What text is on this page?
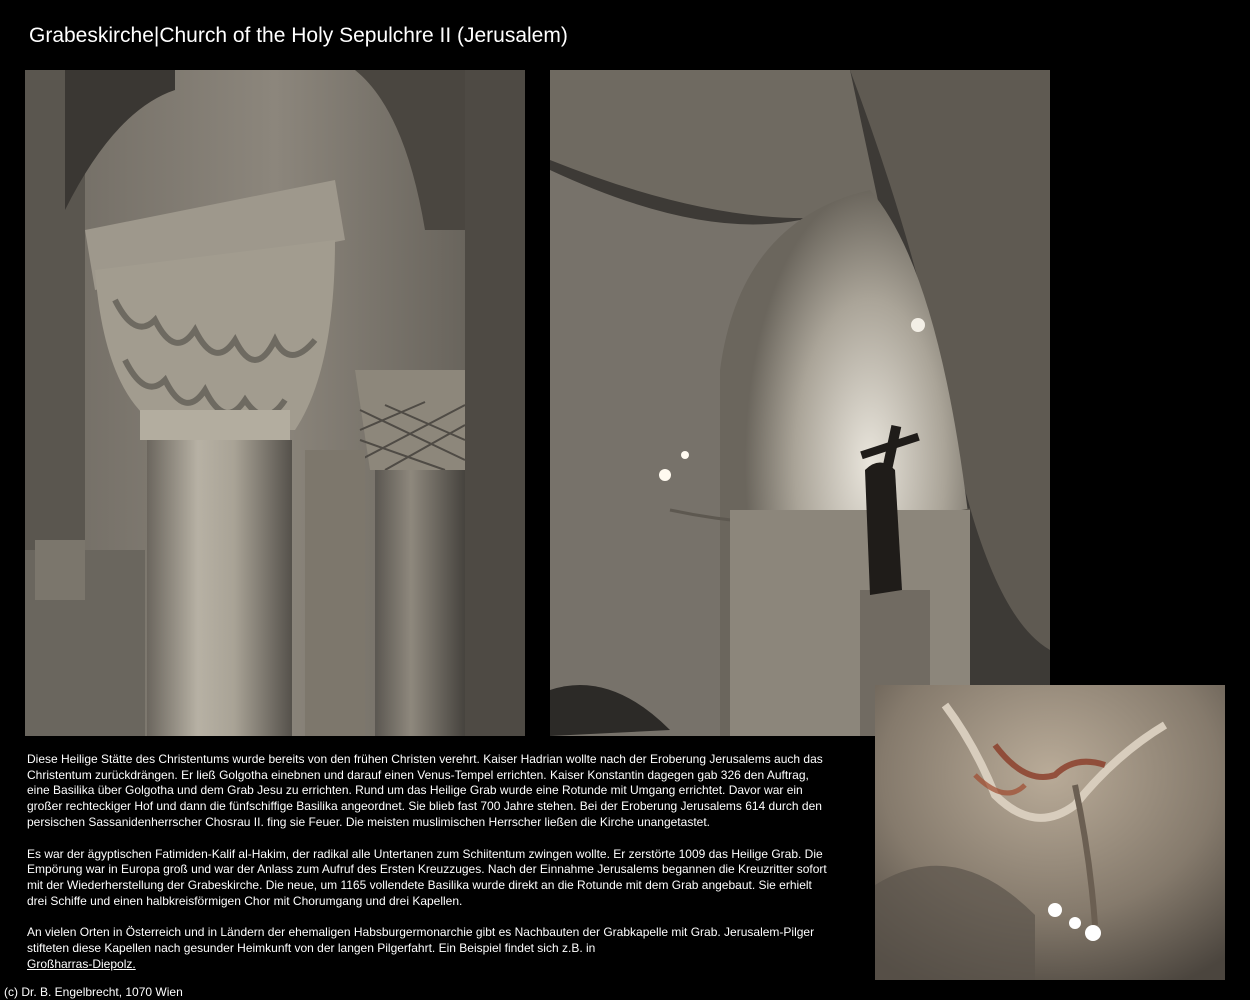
Grabeskirche|Church of the Holy Sepulchre II (Jerusalem)

Diese Heilige Stätte des Christentums wurde bereits von den frühen Christen verehrt. Kaiser Hadrian wollte nach der Eroberung Jerusalems auch das Christentum zurückdrängen. Er ließ Golgotha einebnen und darauf einen Venus-Tempel errichten. Kaiser Konstantin dagegen gab 326 den Auftrag, eine Basilika über Golgotha und dem Grab Jesu zu errichten. Rund um das Heilige Grab wurde eine Rotunde mit Umgang errichtet. Davor war ein großer rechteckiger Hof und dann die fünfschiffige Basilika angeordnet. Sie blieb fast 700 Jahre stehen. Bei der Eroberung Jerusalems 614 durch den persischen Sassanidenherrscher Chosrau II. fing sie Feuer. Die meisten muslimischen Herrscher ließen die Kirche unangetastet.

Es war der ägyptischen Fatimiden-Kalif al-Hakim, der radikal alle Untertanen zum Schiitentum zwingen wollte. Er zerstörte 1009 das Heilige Grab. Die Empörung war in Europa groß und war der Anlass zum Aufruf des Ersten Kreuzzuges. Nach der Einnahme Jerusalems begannen die Kreuzritter sofort mit der Wiederherstellung der Grabeskirche. Die neue, um 1165 vollendete Basilika wurde direkt an die Rotunde mit dem Grab angebaut. Sie erhielt drei Schiffe und einen halbkreisförmigen Chor mit Chorumgang und drei Kapellen.

An vielen Orten in Österreich und in Ländern der ehemaligen Habsburgermonarchie gibt es Nachbauten der Grabkapelle mit Grab. Jerusalem-Pilger stifteten diese Kapellen nach gesunder Heimkunft von der langen Pilgerfahrt. Ein Beispiel findet sich z.B. in
Großharras-Diepolz.

(c) Dr. B. Engelbrecht, 1070 Wien
